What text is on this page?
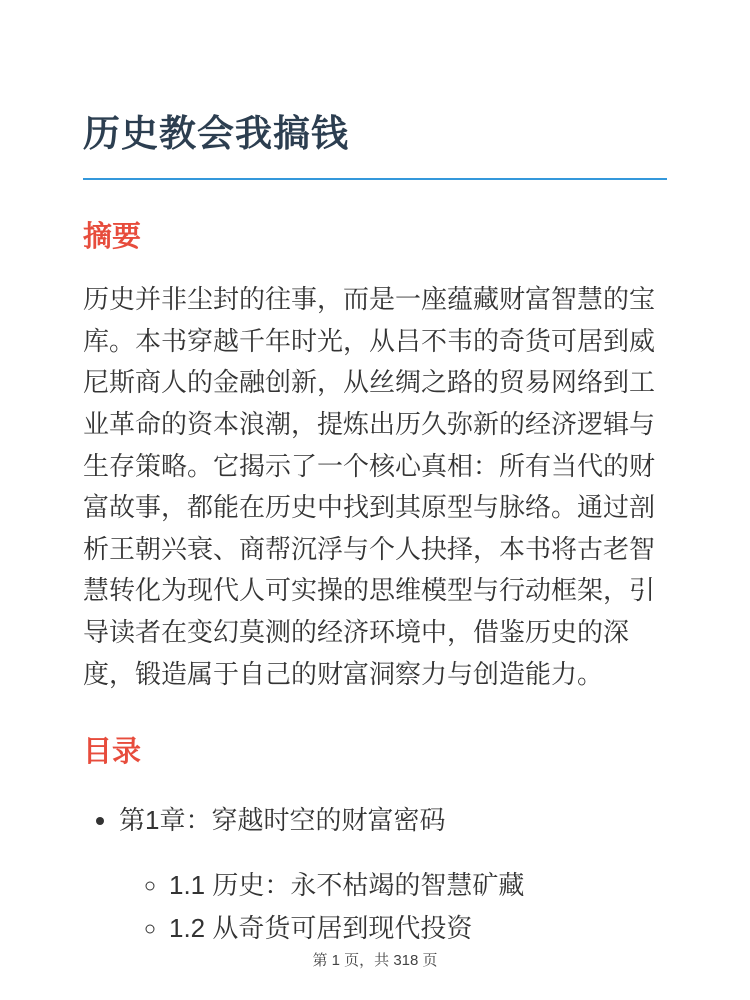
历史教会我搞钱
摘要

历史并非尘封的往事，而是一座蕴藏财富智慧的宝库。本书穿越千年时光，从吕不韦的奇货可居到威尼斯商人的金融创新，从丝绸之路的贸易网络到工业革命的资本浪潮，提炼出历久弥新的经济逻辑与生存策略。它揭示了一个核心真相：所有当代的财富故事，都能在历史中找到其原型与脉络。通过剖析王朝兴衰、商帮沉浮与个人抉择，本书将古老智慧转化为现代人可实操的思维模型与行动框架，引导读者在变幻莫测的经济环境中，借鉴历史的深度，锻造属于自己的财富洞察力与创造能力。

目录
• 第1章：穿越时空的财富密码
◦ 1.1 历史：永不枯竭的智慧矿藏
◦ 1.2 从奇货可居到现代投资
第 1 页，共 318 页
